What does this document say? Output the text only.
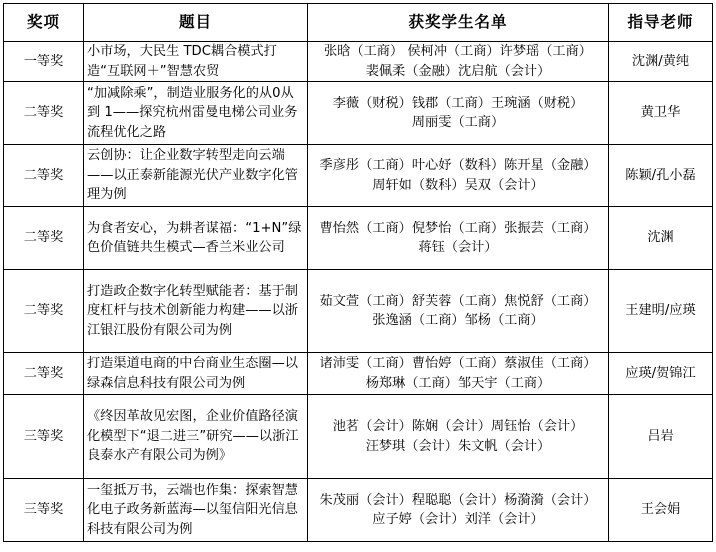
奖项	题目	获奖学生名单	指导老师
一等奖	小市场，大民生 TDC耦合模式打造“互联网＋”智慧农贸	张晗（工商） 侯柯冲（工商）许梦瑶（工商）
裴佩柔（金融）沈启航（会计）	沈渊/黄纯
二等奖	“加减除乘”，制造业服务化的从0从到 1——探究杭州雷曼电梯公司业务流程优化之路	李薇（财税）钱郡（工商）王琬涵（财税）
周丽雯（工商）	黄卫华
二等奖	云创协：让企业数字转型走向云端——以正泰新能源光伏产业数字化管理为例	季彦彤（工商）叶心妤（数科）陈开星（金融）
周轩如（数科）吴双（会计）	陈颖/孔小磊
二等奖	为食者安心，为耕者谋福：“1+N”绿色价值链共生模式—香兰米业公司	曹怡然（工商）倪梦怡（工商）张振芸（工商）
蒋钰（会计）	沈渊
二等奖	打造政企数字化转型赋能者：基于制度杠杆与技术创新能力构建——以浙江银江股份有限公司为例	茹文萱（工商）舒芙蓉（工商）焦悦舒（工商）
张逸涵（工商）邹杨（工商）	王建明/应瑛
二等奖	打造渠道电商的中台商业生态圈—以绿森信息科技有限公司为例	诸沛雯（工商）曹怡婷（工商）蔡淑佳（工商）
杨郑琳（工商）邹天宇（工商）	应瑛/贺锦江
三等奖	《终因革故见宏图，企业价值路径演化模型下“退二进三”研究——以浙江良泰水产有限公司为例》	池茗（会计）陈娴（会计）周钰怡（会计）
汪梦琪（会计）朱文帆（会计）	吕岩
三等奖	一玺抵万书，云端也作集：探索智慧化电子政务新蓝海—以玺信阳光信息科技有限公司为例	朱茂丽（会计）程聪聪（会计）杨漪漪（会计）
应子婷（会计）刘洋（会计）	王会娟
